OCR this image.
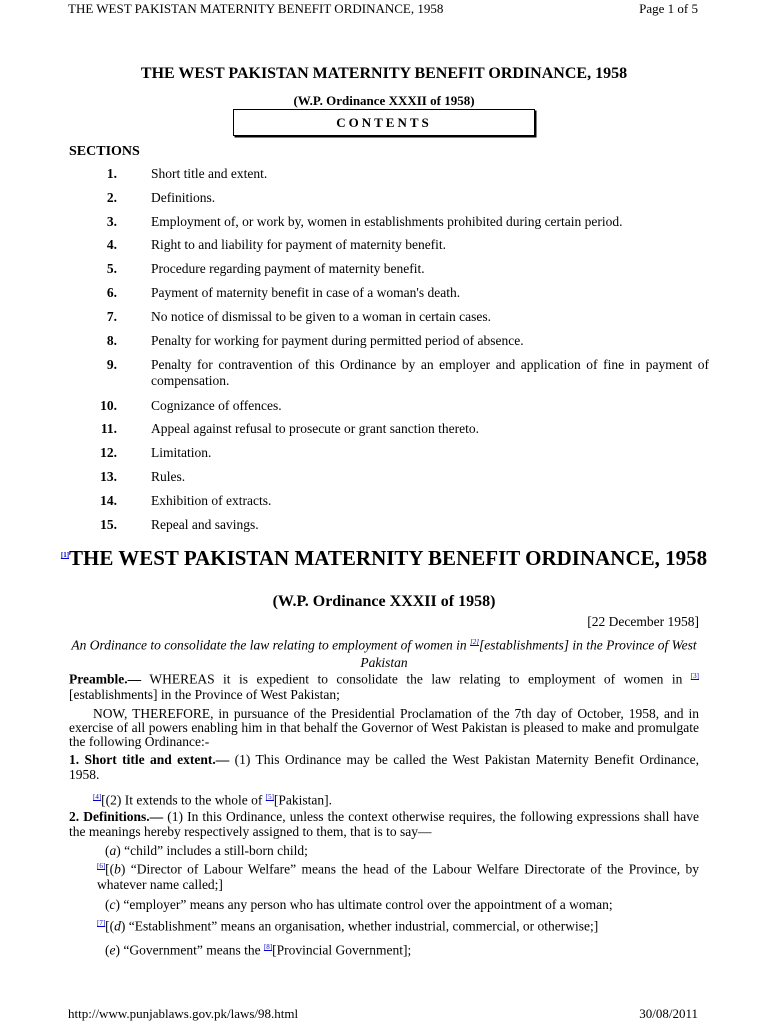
THE WEST PAKISTAN MATERNITY BENEFIT ORDINANCE, 1958	Page 1 of 5
THE WEST PAKISTAN MATERNITY BENEFIT ORDINANCE, 1958
(W.P. Ordinance XXXII of 1958)
CONTENTS
SECTIONS
1.	Short title and extent.
2.	Definitions.
3.	Employment of, or work by, women in establishments prohibited during certain period.
4.	Right to and liability for payment of maternity benefit.
5.	Procedure regarding payment of maternity benefit.
6.	Payment of maternity benefit in case of a woman's death.
7.	No notice of dismissal to be given to a woman in certain cases.
8.	Penalty for working for payment during permitted period of absence.
9.	Penalty for contravention of this Ordinance by an employer and application of fine in payment of compensation.
10.	Cognizance of offences.
11.	Appeal against refusal to prosecute or grant sanction thereto.
12.	Limitation.
13.	Rules.
14.	Exhibition of extracts.
15.	Repeal and savings.
[1]THE WEST PAKISTAN MATERNITY BENEFIT ORDINANCE, 1958
(W.P. Ordinance XXXII of 1958)
[22 December 1958]
An Ordinance to consolidate the law relating to employment of women in [2][establishments] in the Province of West Pakistan
Preamble.— WHEREAS it is expedient to consolidate the law relating to employment of women in [3][establishments] in the Province of West Pakistan;
NOW, THEREFORE, in pursuance of the Presidential Proclamation of the 7th day of October, 1958, and in exercise of all powers enabling him in that behalf the Governor of West Pakistan is pleased to make and promulgate the following Ordinance:-
1. Short title and extent.— (1) This Ordinance may be called the West Pakistan Maternity Benefit Ordinance, 1958.
[4][(2) It extends to the whole of [5][Pakistan].
2. Definitions.— (1) In this Ordinance, unless the context otherwise requires, the following expressions shall have the meanings hereby respectively assigned to them, that is to say—
(a) “child” includes a still-born child;
[6][(b) “Director of Labour Welfare” means the head of the Labour Welfare Directorate of the Province, by whatever name called;]
(c) “employer” means any person who has ultimate control over the appointment of a woman;
[7][(d) “Establishment” means an organisation, whether industrial, commercial, or otherwise;]
(e) “Government” means the [8][Provincial Government];
http://www.punjablaws.gov.pk/laws/98.html	30/08/2011
